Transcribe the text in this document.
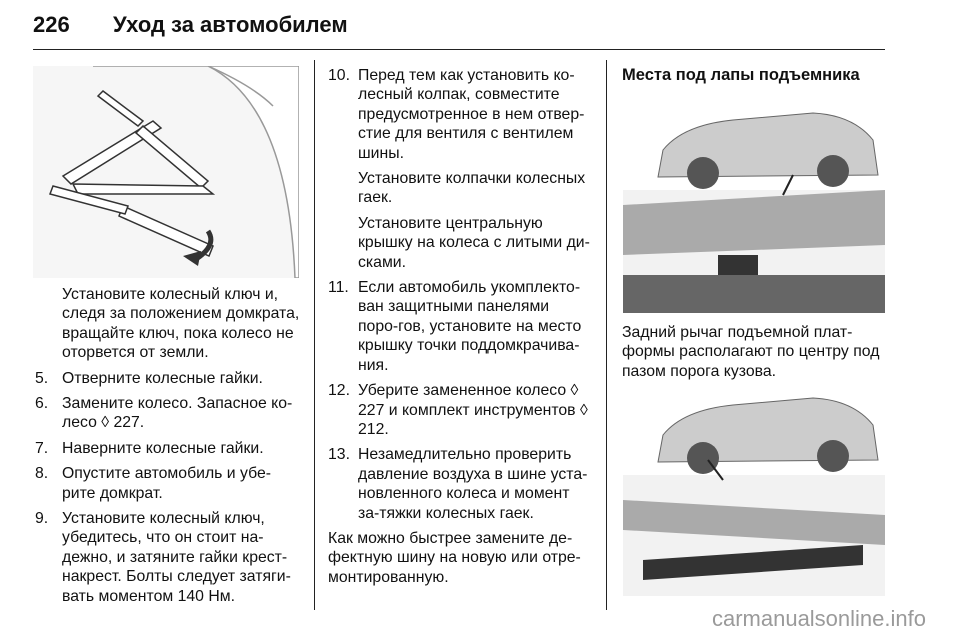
226 Уход за автомобилем
Установите колесный ключ и, следя за положением домкрата, вращайте ключ, пока колесо не оторвется от земли.
5. Отверните колесные гайки.
6. Замените колесо. Запасное ко-лесо ◊ 227.
7. Наверните колесные гайки.
8. Опустите автомобиль и убе-рите домкрат.
9. Установите колесный ключ, убедитесь, что он стоит на-дежно, и затяните гайки крест-накрест. Болты следует затяги-вать моментом 140 Нм.
10. Перед тем как установить ко-лесный колпак, совместите предусмотренное в нем отвер-стие для вентиля с вентилем шины.
Установите колпачки колесных гаек.
Установите центральную крышку на колеса с литыми ди-сками.
11. Если автомобиль укомплекто-ван защитными панелями поро-гов, установите на место крышку точки поддомкрачива-ния.
12. Уберите замененное колесо ◊ 227 и комплект инструментов ◊ 212.
13. Незамедлительно проверить давление воздуха в шине уста-новленного колеса и момент за-тяжки колесных гаек.
Как можно быстрее замените де-фектную шину на новую или отре-монтированную.
Места под лапы подъемника
Задний рычаг подъемной плат-формы располагают по центру под пазом порога кузова.
carmanualsonline.info
